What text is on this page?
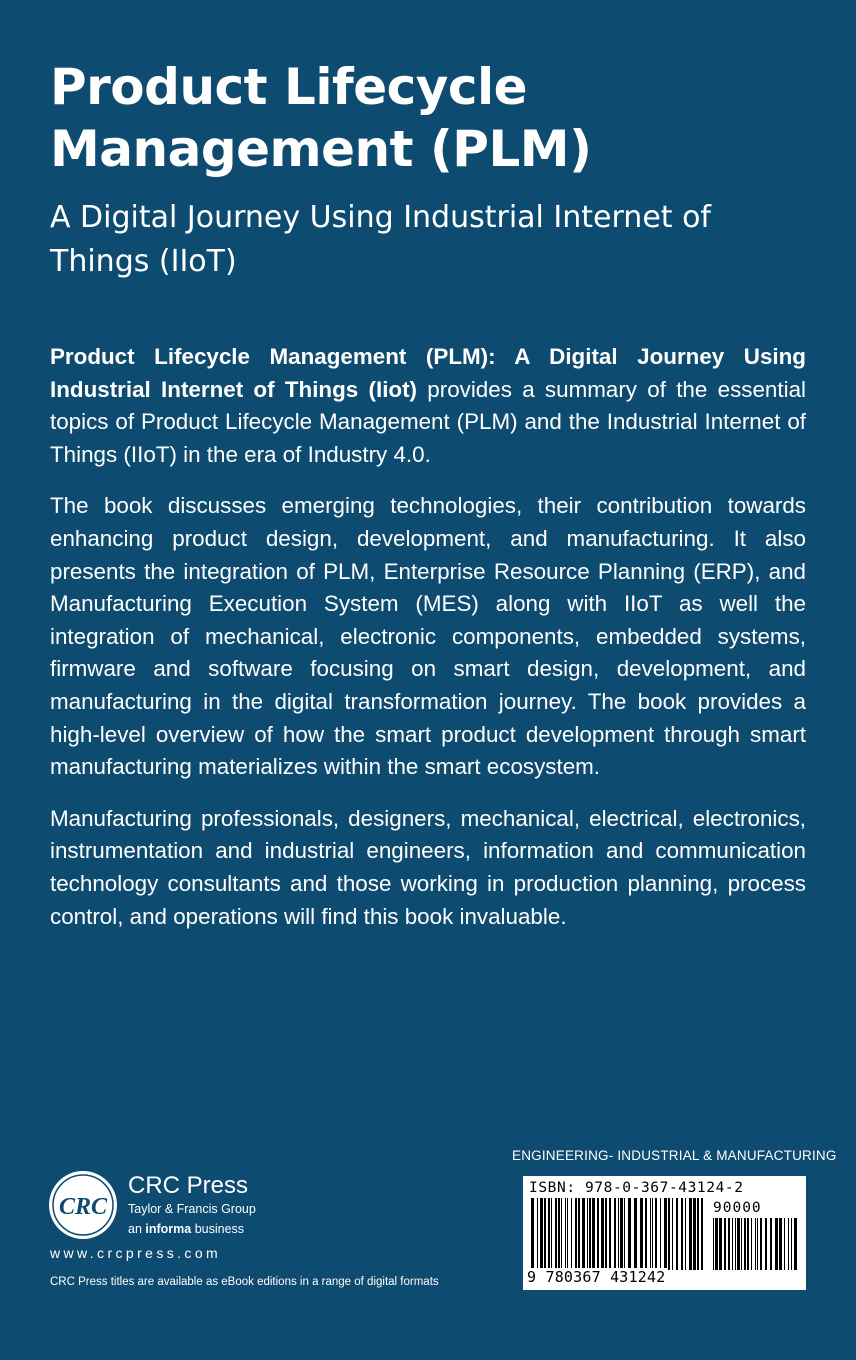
Product Lifecycle Management (PLM)
A Digital Journey Using Industrial Internet of Things (IIoT)

Product Lifecycle Management (PLM): A Digital Journey Using Industrial Internet of Things (Iiot) provides a summary of the essential topics of Product Lifecycle Management (PLM) and the Industrial Internet of Things (IIoT) in the era of Industry 4.0.

The book discusses emerging technologies, their contribution towards enhancing product design, development, and manufacturing. It also presents the integration of PLM, Enterprise Resource Planning (ERP), and Manufacturing Execution System (MES) along with IIoT as well the integration of mechanical, electronic components, embedded systems, firmware and software focusing on smart design, development, and manufacturing in the digital transformation journey. The book provides a high-level overview of how the smart product development through smart manufacturing materializes within the smart ecosystem.

Manufacturing professionals, designers, mechanical, electrical, electronics, instrumentation and industrial engineers, information and communication technology consultants and those working in production planning, process control, and operations will find this book invaluable.

CRC
CRC Press
Taylor & Francis Group
an informa business
www.crcpress.com
CRC Press titles are available as eBook editions in a range of digital formats
ENGINEERING- INDUSTRIAL & MANUFACTURING
ISBN: 978-0-367-43124-2
90000
9 780367 431242
